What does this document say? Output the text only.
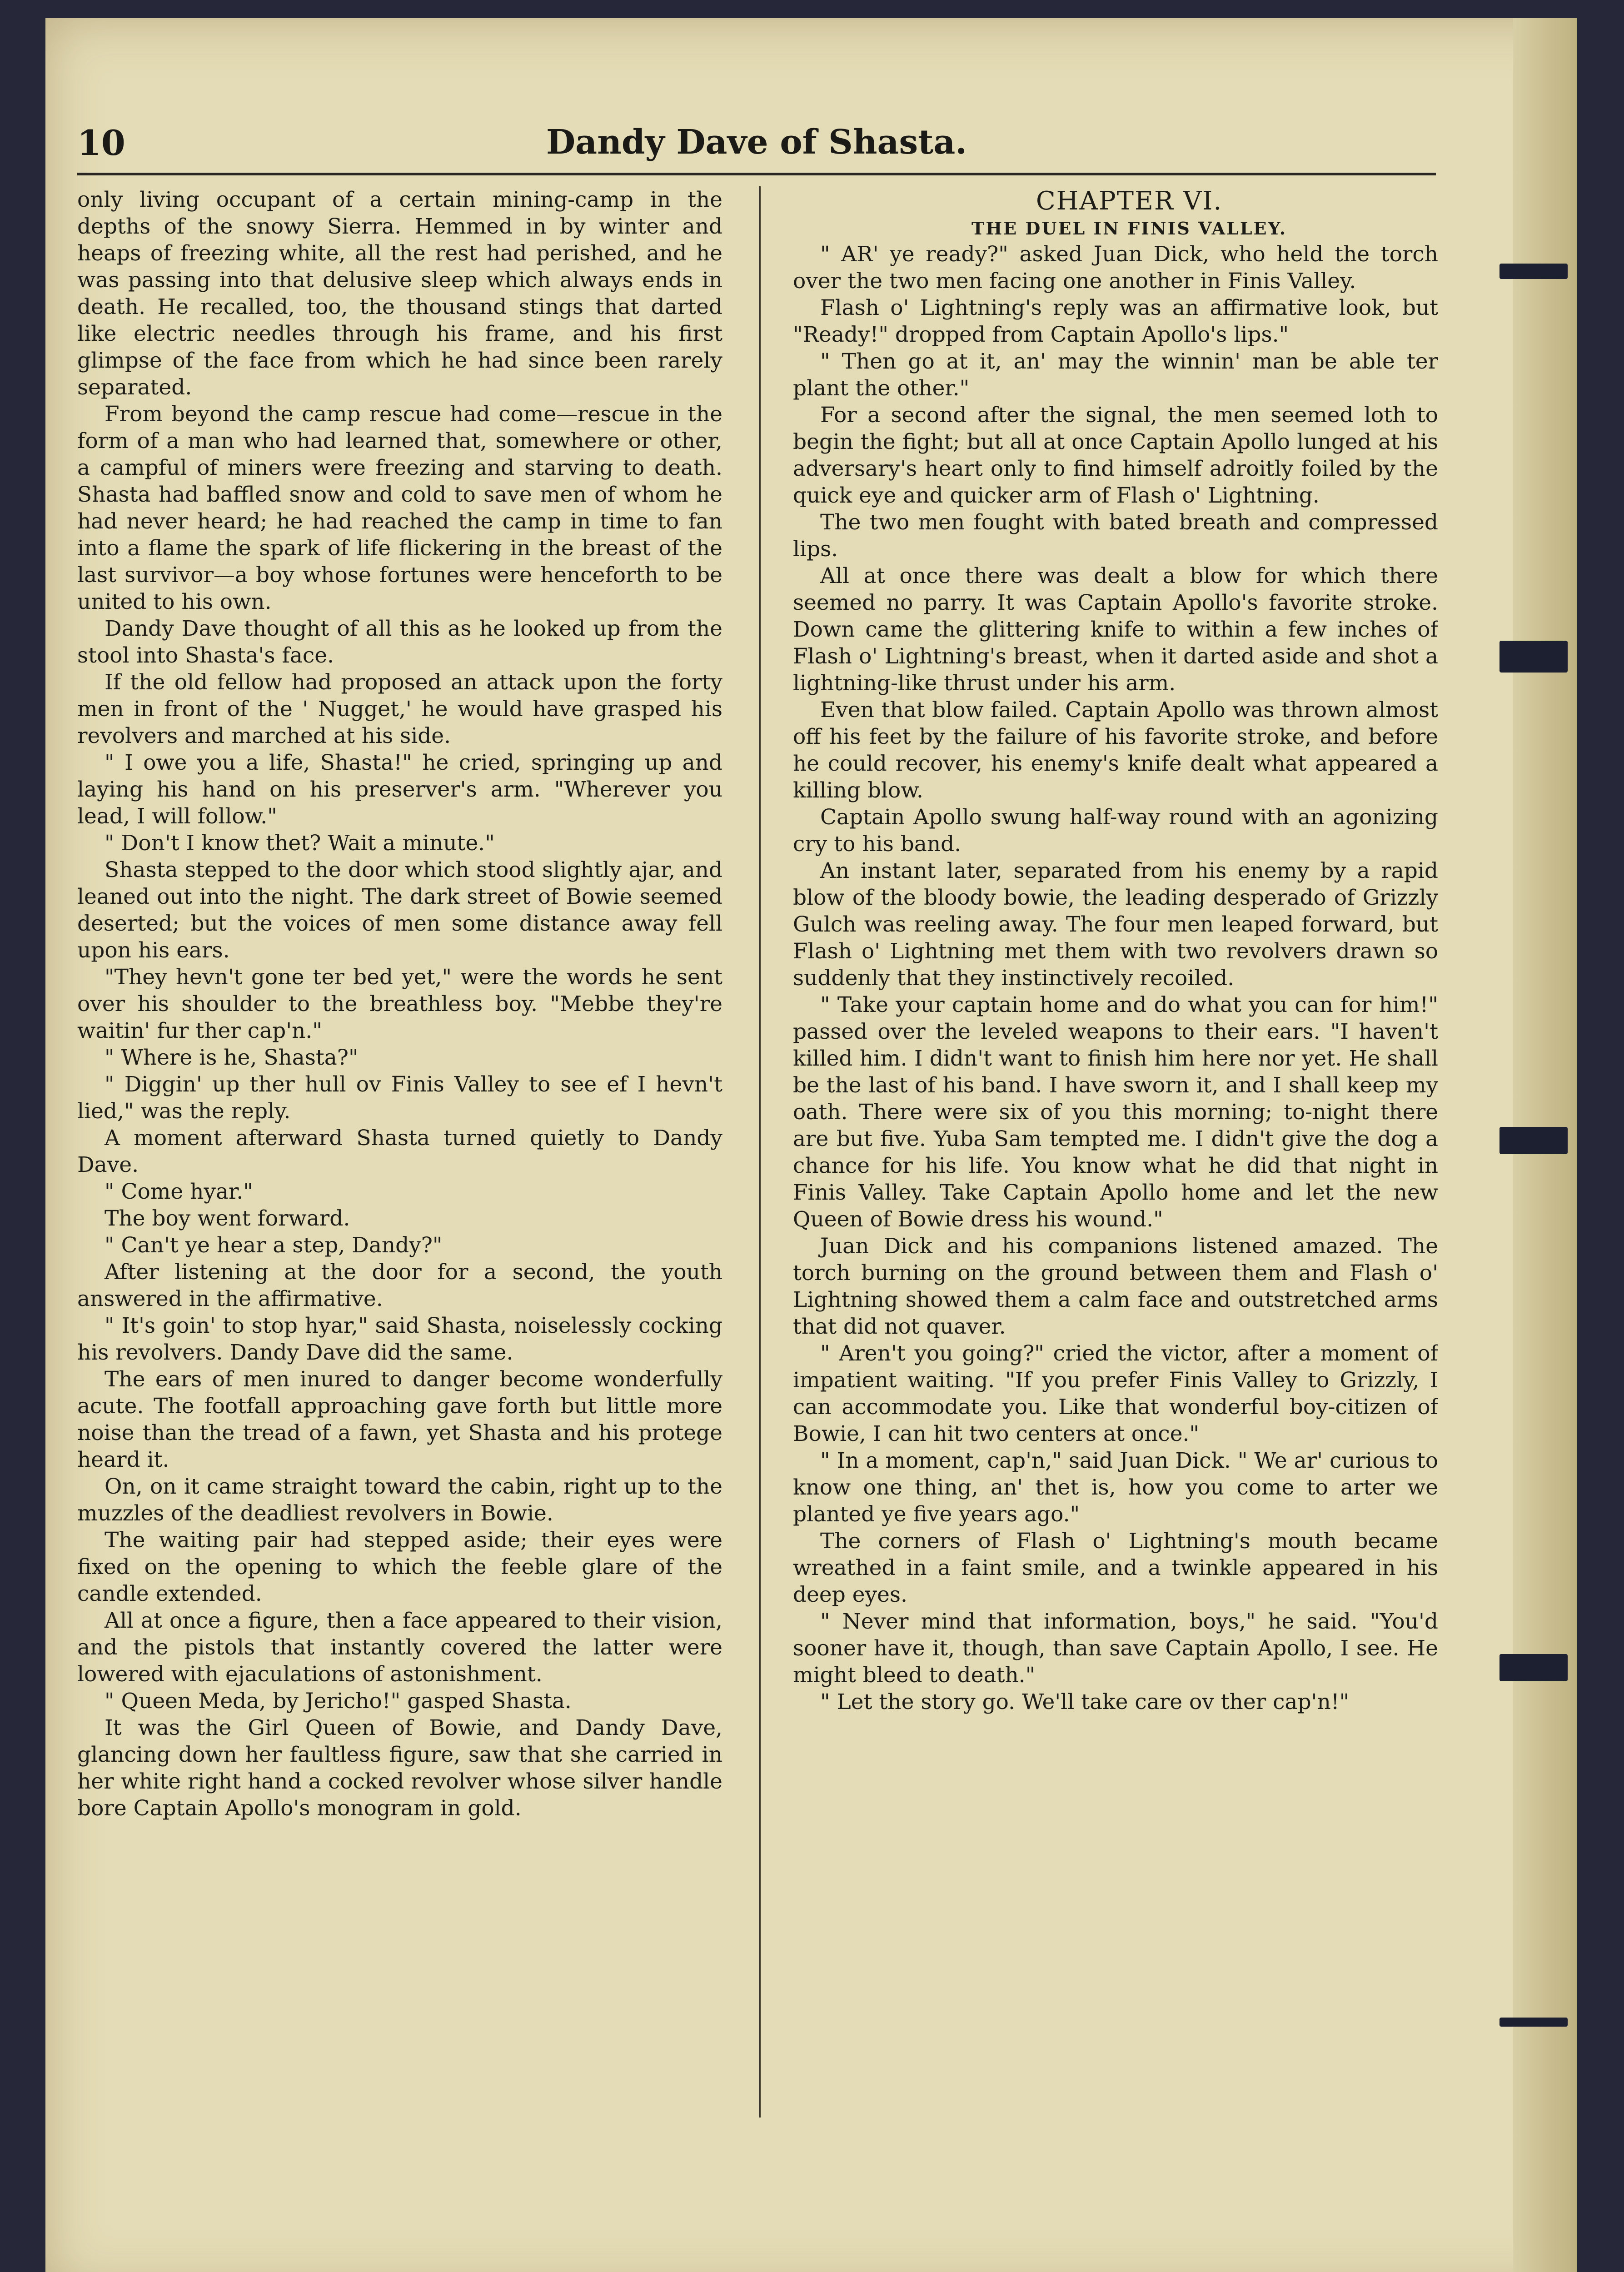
10	Dandy Dave of Shasta.

only living occupant of a certain mining-camp in the depths of the snowy Sierra. Hemmed in by winter and heaps of freezing white, all the rest had perished, and he was passing into that delusive sleep which always ends in death. He recalled, too, the thousand stings that darted like electric needles through his frame, and his first glimpse of the face from which he had since been rarely separated.

From beyond the camp rescue had come—rescue in the form of a man who had learned that, somewhere or other, a campful of miners were freezing and starving to death. Shasta had baffled snow and cold to save men of whom he had never heard; he had reached the camp in time to fan into a flame the spark of life flickering in the breast of the last survivor—a boy whose fortunes were henceforth to be united to his own.

Dandy Dave thought of all this as he looked up from the stool into Shasta's face.

If the old fellow had proposed an attack upon the forty men in front of the ' Nugget,' he would have grasped his revolvers and marched at his side.

" I owe you a life, Shasta!" he cried, springing up and laying his hand on his preserver's arm. "Wherever you lead, I will follow."

" Don't I know thet? Wait a minute."

Shasta stepped to the door which stood slightly ajar, and leaned out into the night. The dark street of Bowie seemed deserted; but the voices of men some distance away fell upon his ears.

"They hevn't gone ter bed yet," were the words he sent over his shoulder to the breathless boy. "Mebbe they're waitin' fur ther cap'n."

" Where is he, Shasta?"

" Diggin' up ther hull ov Finis Valley to see ef I hevn't lied," was the reply.

A moment afterward Shasta turned quietly to Dandy Dave.

" Come hyar."

The boy went forward.

" Can't ye hear a step, Dandy?"

After listening at the door for a second, the youth answered in the affirmative.

" It's goin' to stop hyar," said Shasta, noiselessly cocking his revolvers. Dandy Dave did the same.

The ears of men inured to danger become wonderfully acute. The footfall approaching gave forth but little more noise than the tread of a fawn, yet Shasta and his protege heard it.

On, on it came straight toward the cabin, right up to the muzzles of the deadliest revolvers in Bowie.

The waiting pair had stepped aside; their eyes were fixed on the opening to which the feeble glare of the candle extended.

All at once a figure, then a face appeared to their vision, and the pistols that instantly covered the latter were lowered with ejaculations of astonishment.

" Queen Meda, by Jericho!" gasped Shasta.

It was the Girl Queen of Bowie, and Dandy Dave, glancing down her faultless figure, saw that she carried in her white right hand a cocked revolver whose silver handle bore Captain Apollo's monogram in gold.

CHAPTER VI.

THE DUEL IN FINIS VALLEY.

" AR' ye ready?" asked Juan Dick, who held the torch over the two men facing one another in Finis Valley.

Flash o' Lightning's reply was an affirmative look, but "Ready!" dropped from Captain Apollo's lips."

" Then go at it, an' may the winnin' man be able ter plant the other."

For a second after the signal, the men seemed loth to begin the fight; but all at once Captain Apollo lunged at his adversary's heart only to find himself adroitly foiled by the quick eye and quicker arm of Flash o' Lightning.

The two men fought with bated breath and compressed lips.

All at once there was dealt a blow for which there seemed no parry. It was Captain Apollo's favorite stroke. Down came the glittering knife to within a few inches of Flash o' Lightning's breast, when it darted aside and shot a lightning-like thrust under his arm.

Even that blow failed. Captain Apollo was thrown almost off his feet by the failure of his favorite stroke, and before he could recover, his enemy's knife dealt what appeared a killing blow.

Captain Apollo swung half-way round with an agonizing cry to his band.

An instant later, separated from his enemy by a rapid blow of the bloody bowie, the leading desperado of Grizzly Gulch was reeling away. The four men leaped forward, but Flash o' Lightning met them with two revolvers drawn so suddenly that they instinctively recoiled.

" Take your captain home and do what you can for him!" passed over the leveled weapons to their ears. "I haven't killed him. I didn't want to finish him here nor yet. He shall be the last of his band. I have sworn it, and I shall keep my oath. There were six of you this morning; to-night there are but five. Yuba Sam tempted me. I didn't give the dog a chance for his life. You know what he did that night in Finis Valley. Take Captain Apollo home and let the new Queen of Bowie dress his wound."

Juan Dick and his companions listened amazed. The torch burning on the ground between them and Flash o' Lightning showed them a calm face and outstretched arms that did not quaver.

" Aren't you going?" cried the victor, after a moment of impatient waiting. "If you prefer Finis Valley to Grizzly, I can accommodate you. Like that wonderful boy-citizen of Bowie, I can hit two centers at once."

" In a moment, cap'n," said Juan Dick. " We ar' curious to know one thing, an' thet is, how you come to arter we planted ye five years ago."

The corners of Flash o' Lightning's mouth became wreathed in a faint smile, and a twinkle appeared in his deep eyes.

" Never mind that information, boys," he said. "You'd sooner have it, though, than save Captain Apollo, I see. He might bleed to death."

" Let the story go. We'll take care ov ther cap'n!"
